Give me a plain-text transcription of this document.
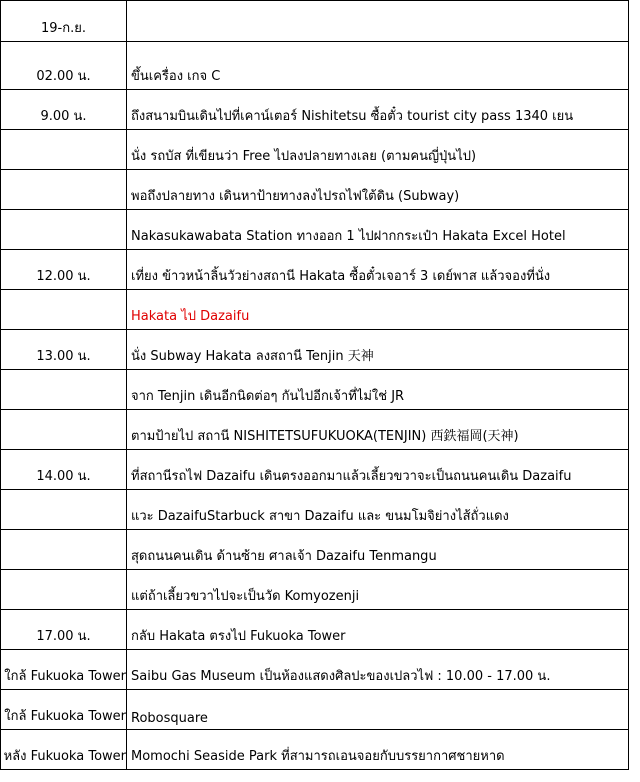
19-ก.ย.	
02.00 น.	ขึ้นเครื่อง เกจ C
9.00 น.	ถึงสนามบินเดินไปที่เคาน์เตอร์ Nishitetsu ซื้อตั๋ว tourist city pass 1340 เยน
	นั่ง รถบัส ที่เขียนว่า Free ไปลงปลายทางเลย (ตามคนญี่ปุ่นไป)
	พอถึงปลายทาง เดินหาป้ายทางลงไปรถไฟใต้ดิน (Subway)
	Nakasukawabata Station ทางออก 1 ไปฝากกระเป๋า Hakata Excel Hotel
12.00 น.	เที่ยง ข้าวหน้าลิ้นวัวย่างสถานี Hakata ซื้อตั๋วเจอาร์ 3 เดย์พาส แล้วจองที่นั่ง
	Hakata ไป Dazaifu
13.00 น.	นั่ง Subway Hakata ลงสถานี Tenjin 天神
	จาก Tenjin เดินอีกนิดต่อๆ กันไปอีกเจ้าที่ไม่ใช่ JR
	ตามป้ายไป สถานี NISHITETSUFUKUOKA(TENJIN) 西鉄福岡(天神)
14.00 น.	ที่สถานีรถไฟ Dazaifu เดินตรงออกมาแล้วเลี้ยวขวาจะเป็นถนนคนเดิน Dazaifu
	แวะ DazaifuStarbuck สาขา Dazaifu และ ขนมโมจิย่างไส้ถั่วแดง
	สุดถนนคนเดิน ด้านซ้าย ศาลเจ้า Dazaifu Tenmangu
	แต่ถ้าเลี้ยวขวาไปจะเป็นวัด Komyozenji
17.00 น.	กลับ Hakata ตรงไป Fukuoka Tower
ใกล้ Fukuoka Tower	Saibu Gas Museum เป็นห้องแสดงศิลปะของเปลวไฟ : 10.00 - 17.00 น.
ใกล้ Fukuoka Tower	Robosquare
หลัง Fukuoka Tower	Momochi Seaside Park ที่สามารถเอนจอยกับบรรยากาศชายหาด
